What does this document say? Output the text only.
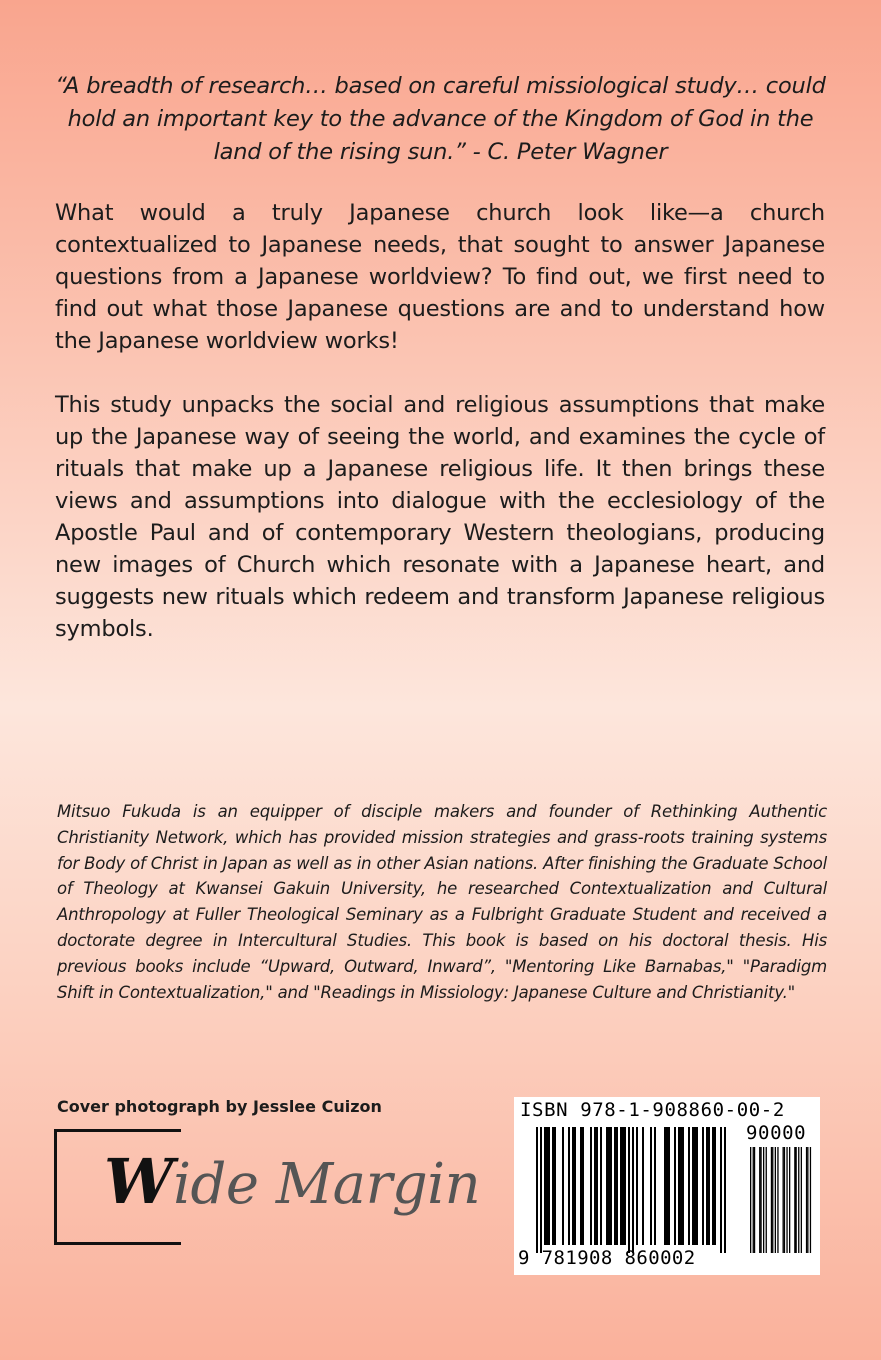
“A breadth of research… based on careful missiological study… could hold an important key to the advance of the Kingdom of God in the land of the rising sun.” - C. Peter Wagner

What would a truly Japanese church look like—a church contextualized to Japanese needs, that sought to answer Japanese questions from a Japanese worldview? To find out, we first need to find out what those Japanese questions are and to understand how the Japanese worldview works!

This study unpacks the social and religious assumptions that make up the Japanese way of seeing the world, and examines the cycle of rituals that make up a Japanese religious life. It then brings these views and assumptions into dialogue with the ecclesiology of the Apostle Paul and of contemporary Western theologians, producing new images of Church which resonate with a Japanese heart, and suggests new rituals which redeem and transform Japanese religious symbols.

Mitsuo Fukuda is an equipper of disciple makers and founder of Rethinking Authentic Christianity Network, which has provided mission strategies and grass-roots training systems for Body of Christ in Japan as well as in other Asian nations. After finishing the Graduate School of Theology at Kwansei Gakuin University, he researched Contextualization and Cultural Anthropology at Fuller Theological Seminary as a Fulbright Graduate Student and received a doctorate degree in Intercultural Studies. This book is based on his doctoral thesis. His previous books include “Upward, Outward, Inward”, "Mentoring Like Barnabas," "Paradigm Shift in Contextualization," and "Readings in Missiology: Japanese Culture and Christianity."

Cover photograph by Jesslee Cuizon

Wide Margin
ISBN 978-1-908860-00-2
90000
9 781908 860002
